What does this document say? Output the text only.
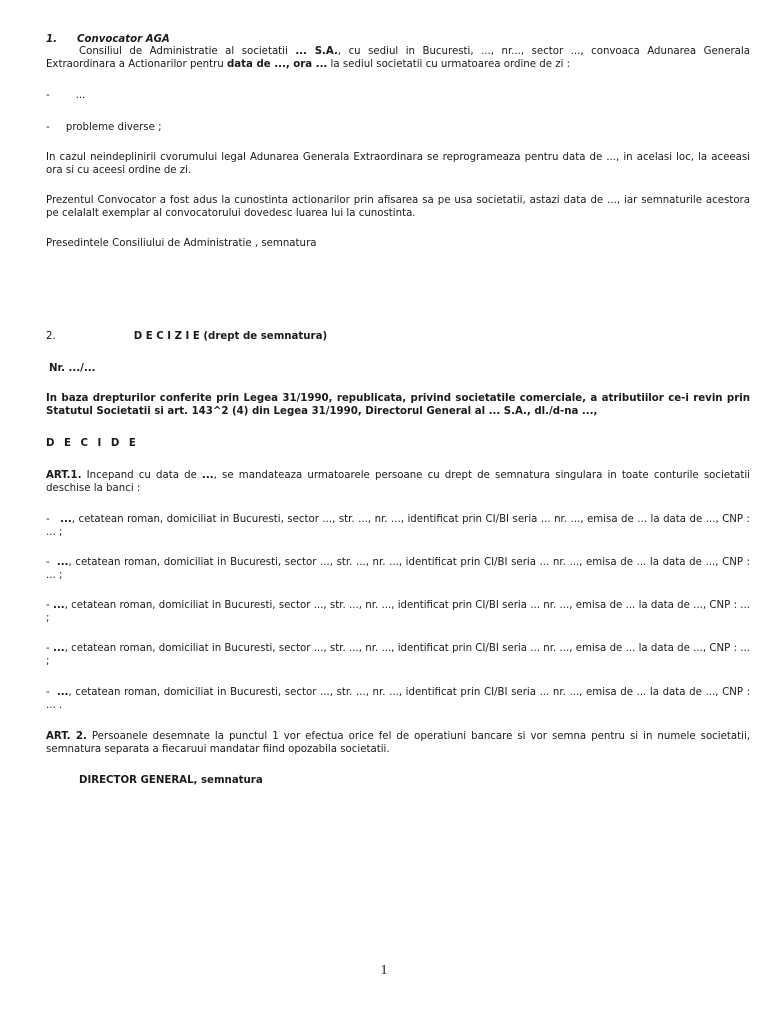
1. Convocator AGA

Consiliul de Administratie al societatii ... S.A., cu sediul in Bucuresti, ..., nr..., sector ..., convoaca Adunarea Generala Extraordinara a Actionarilor pentru data de ..., ora ... la sediul societatii cu urmatoarea ordine de zi :

-        ...

-     probleme diverse ;

In cazul neindeplinirii cvorumului legal Adunarea Generala Extraordinara se reprogrameaza pentru data de ..., in acelasi loc, la aceeasi ora si cu aceesi ordine de zi.

Prezentul Convocator a fost adus la cunostinta actionarilor prin afisarea sa pe usa societatii, astazi data de ..., iar semnaturile acestora pe celalalt exemplar al convocatorului dovedesc luarea lui la cunostinta.

Presedintele Consiliului de Administratie , semnatura

2.	D E C I Z I E (drept de semnatura)

Nr. .../...

In baza drepturilor conferite prin Legea 31/1990, republicata, privind societatile comerciale, a atributiilor ce-i revin prin Statutul Societatii si art. 143^2 (4) din Legea 31/1990, Directorul General al ... S.A., dl./d-na ...,

D E C I D E

ART.1. Incepand cu data de ..., se mandateaza urmatoarele persoane cu drept de semnatura singulara in toate conturile societatii deschise la banci :

-   ..., cetatean roman, domiciliat in Bucuresti, sector ..., str. ..., nr. ..., identificat prin CI/BI seria ... nr. ..., emisa de ... la data de ..., CNP : ... ;

-  ..., cetatean roman, domiciliat in Bucuresti, sector ..., str. ..., nr. ..., identificat prin CI/BI seria ... nr. ..., emisa de ... la data de ..., CNP : ... ;

- ..., cetatean roman, domiciliat in Bucuresti, sector ..., str. ..., nr. ..., identificat prin CI/BI seria ... nr. ..., emisa de ... la data de ..., CNP : ... ;

- ..., cetatean roman, domiciliat in Bucuresti, sector ..., str. ..., nr. ..., identificat prin CI/BI seria ... nr. ..., emisa de ... la data de ..., CNP : ... ;

-  ..., cetatean roman, domiciliat in Bucuresti, sector ..., str. ..., nr. ..., identificat prin CI/BI seria ... nr. ..., emisa de ... la data de ..., CNP : ... .

ART. 2. Persoanele desemnate la punctul 1 vor efectua orice fel de operatiuni bancare si vor semna pentru si in numele societatii, semnatura separata a fiecaruui mandatar fiind opozabila societatii.

DIRECTOR GENERAL, semnatura

1
